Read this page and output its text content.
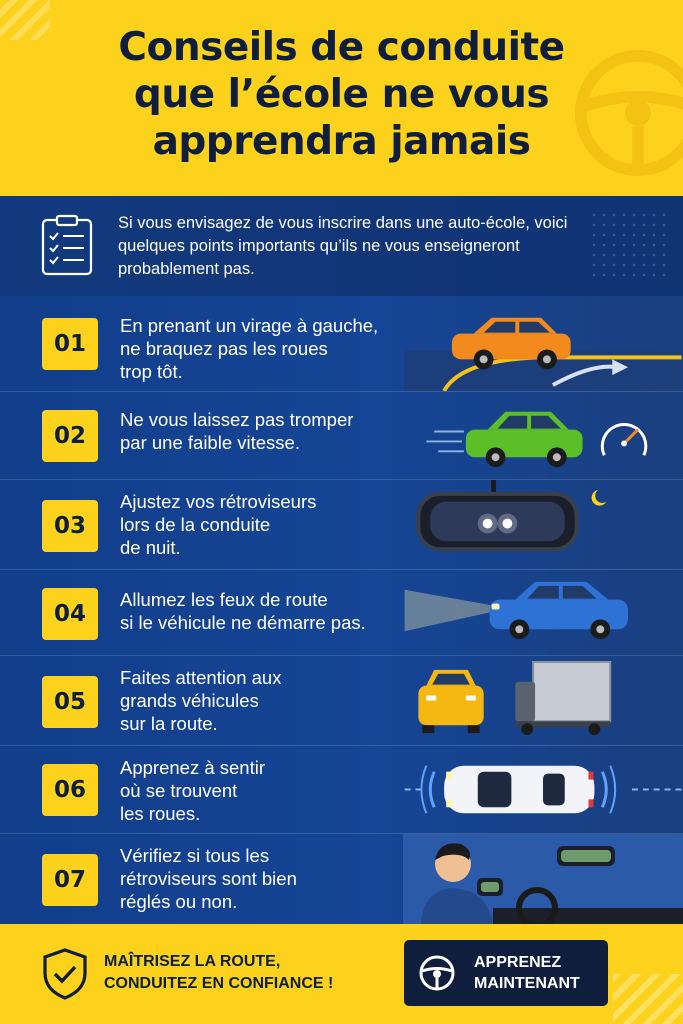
Conseils de conduite
que l’école ne vous
apprendra jamais

Si vous envisagez de vous inscrire dans une auto-école, voici quelques points importants qu’ils ne vous enseigneront probablement pas.

01
En prenant un virage à gauche,
ne braquez pas les roues
trop tôt.
02
Ne vous laissez pas tromper
par une faible vitesse.
03
Ajustez vos rétroviseurs
lors de la conduite
de nuit.
04
Allumez les feux de route
si le véhicule ne démarre pas.
05
Faites attention aux
grands véhicules
sur la route.
06
Apprenez à sentir
où se trouvent
les roues.
07
Vérifiez si tous les
rétroviseurs sont bien
réglés ou non.
MAÎTRISEZ LA ROUTE,
CONDUITEZ EN CONFIANCE !
APPRENEZ
MAINTENANT
